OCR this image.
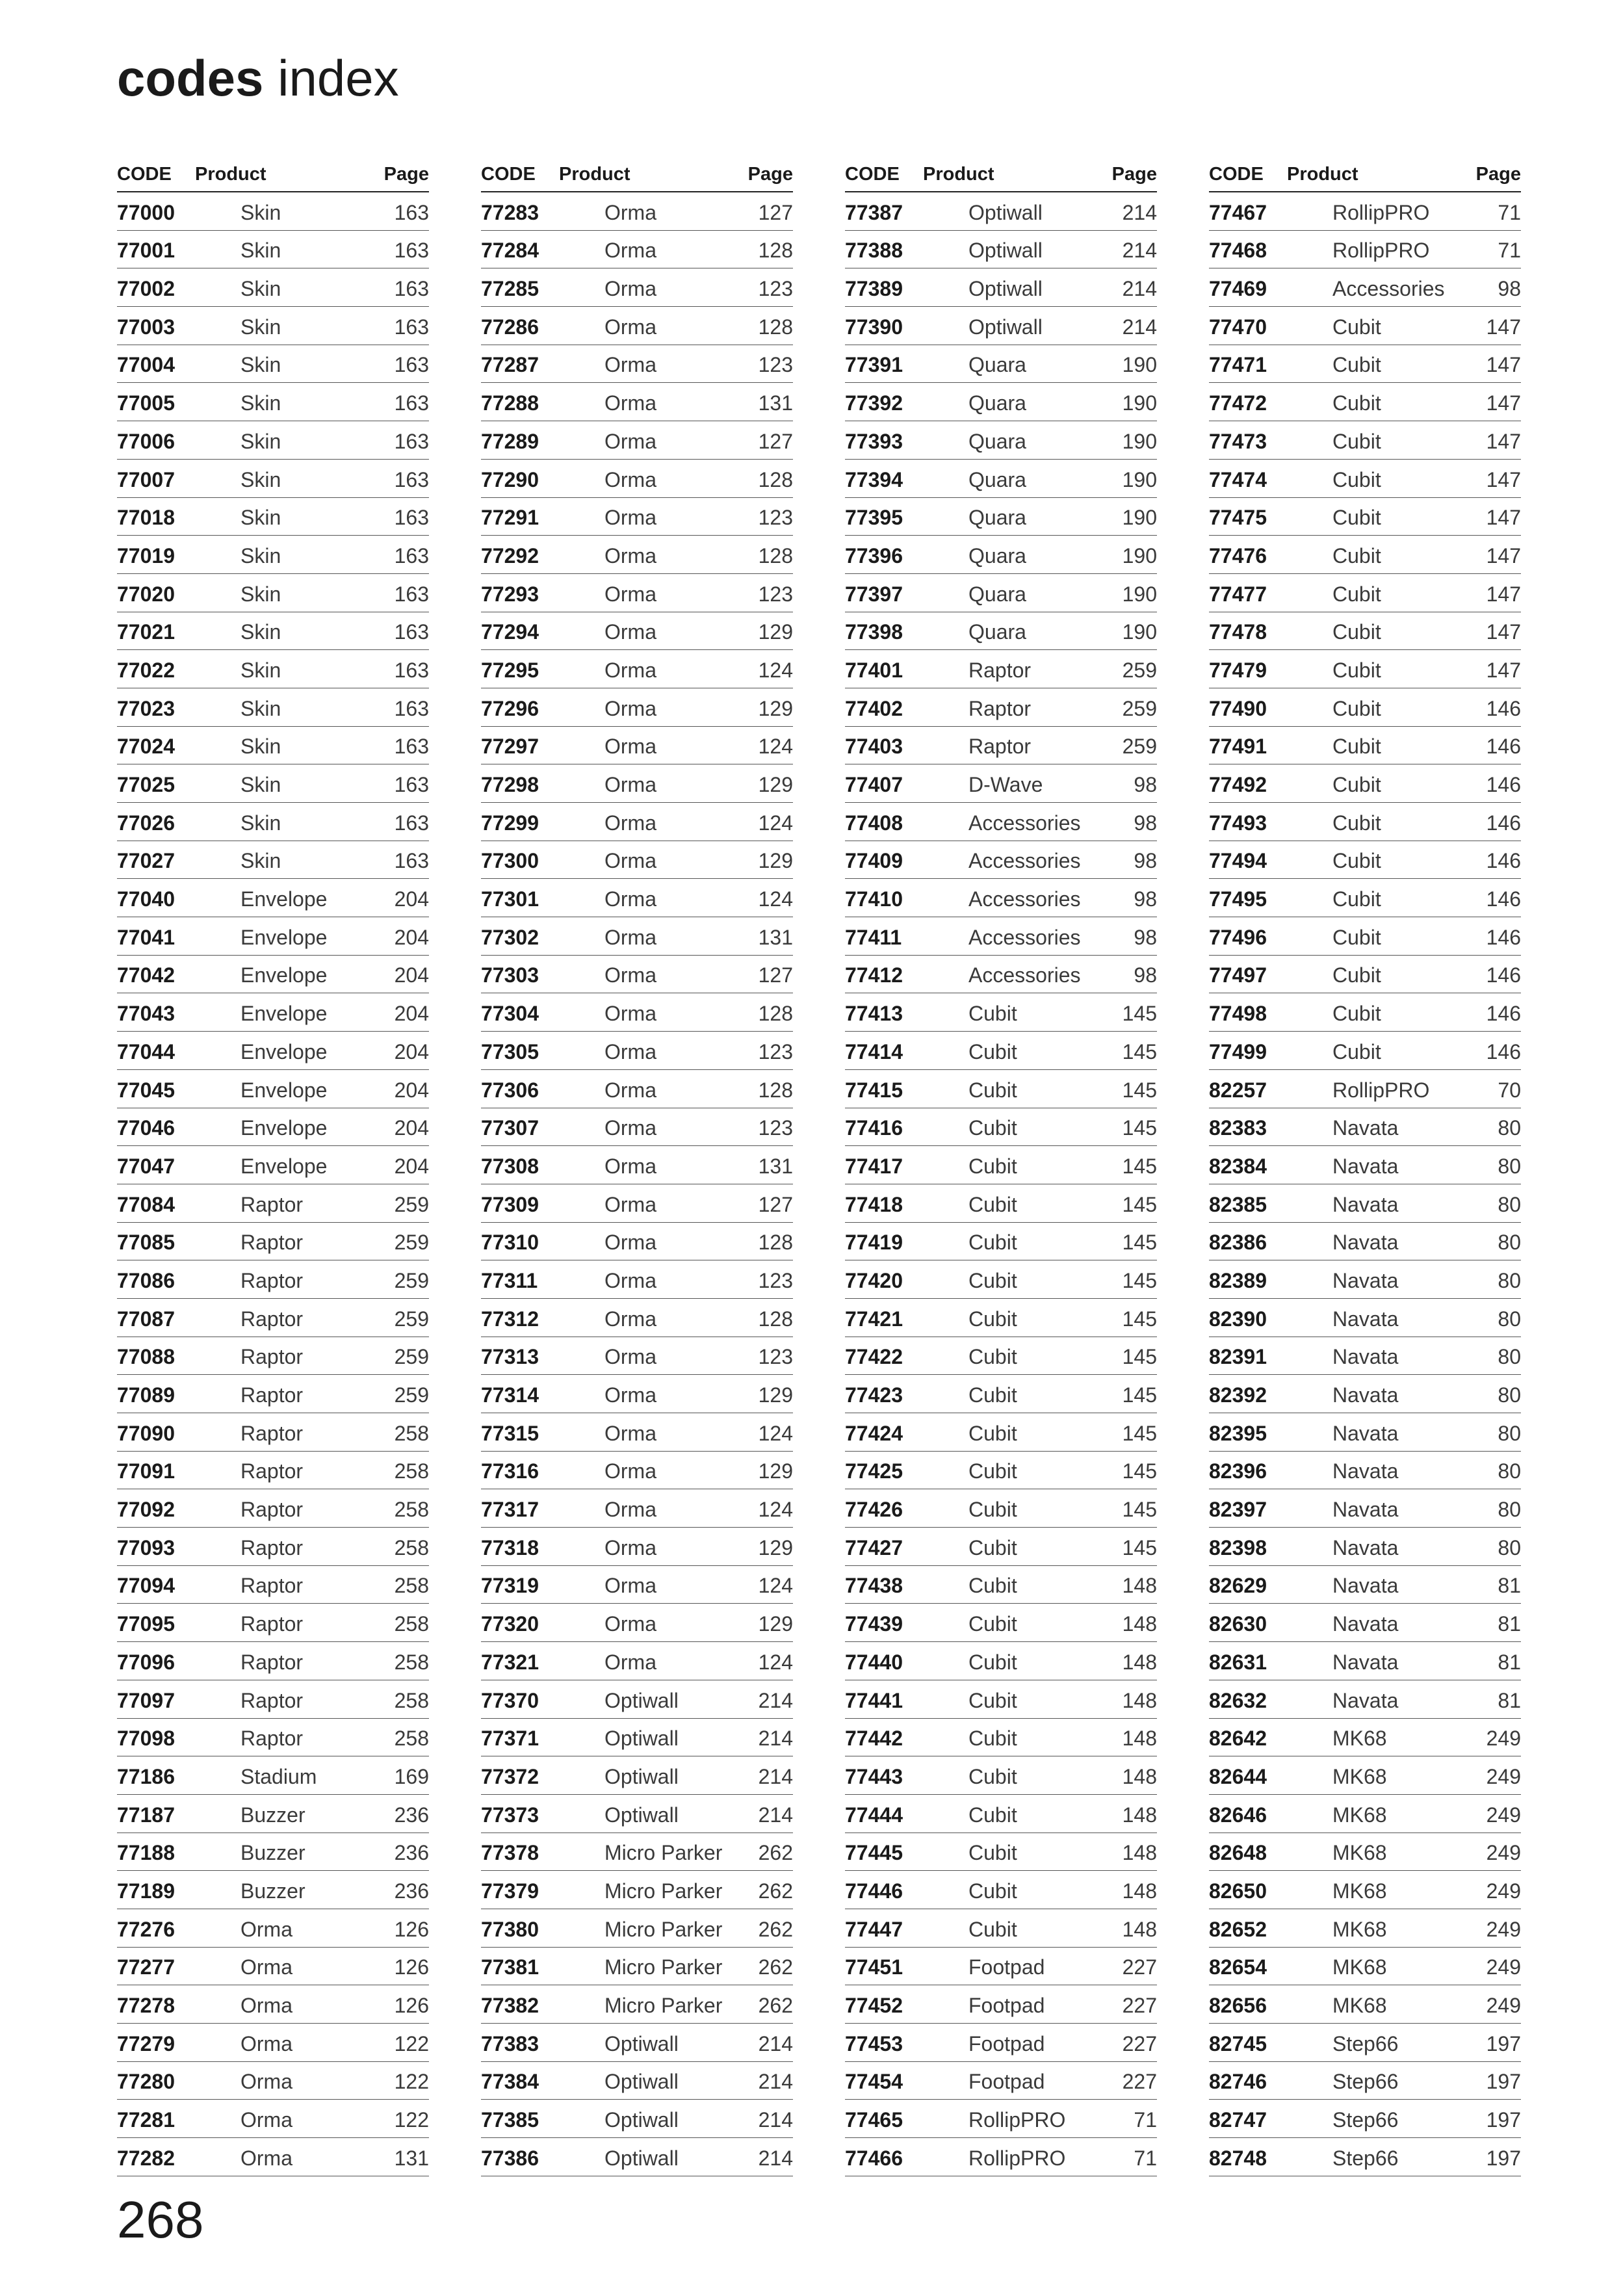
codes index
CODE Product	Page
77000	Skin	163
77001	Skin	163
77002	Skin	163
77003	Skin	163
77004	Skin	163
77005	Skin	163
77006	Skin	163
77007	Skin	163
77018	Skin	163
77019	Skin	163
77020	Skin	163
77021	Skin	163
77022	Skin	163
77023	Skin	163
77024	Skin	163
77025	Skin	163
77026	Skin	163
77027	Skin	163
77040	Envelope	204
77041	Envelope	204
77042	Envelope	204
77043	Envelope	204
77044	Envelope	204
77045	Envelope	204
77046	Envelope	204
77047	Envelope	204
77084	Raptor	259
77085	Raptor	259
77086	Raptor	259
77087	Raptor	259
77088	Raptor	259
77089	Raptor	259
77090	Raptor	258
77091	Raptor	258
77092	Raptor	258
77093	Raptor	258
77094	Raptor	258
77095	Raptor	258
77096	Raptor	258
77097	Raptor	258
77098	Raptor	258
77186	Stadium	169
77187	Buzzer	236
77188	Buzzer	236
77189	Buzzer	236
77276	Orma	126
77277	Orma	126
77278	Orma	126
77279	Orma	122
77280	Orma	122
77281	Orma	122
77282	Orma	131
CODE Product	Page
77283	Orma	127
77284	Orma	128
77285	Orma	123
77286	Orma	128
77287	Orma	123
77288	Orma	131
77289	Orma	127
77290	Orma	128
77291	Orma	123
77292	Orma	128
77293	Orma	123
77294	Orma	129
77295	Orma	124
77296	Orma	129
77297	Orma	124
77298	Orma	129
77299	Orma	124
77300	Orma	129
77301	Orma	124
77302	Orma	131
77303	Orma	127
77304	Orma	128
77305	Orma	123
77306	Orma	128
77307	Orma	123
77308	Orma	131
77309	Orma	127
77310	Orma	128
77311	Orma	123
77312	Orma	128
77313	Orma	123
77314	Orma	129
77315	Orma	124
77316	Orma	129
77317	Orma	124
77318	Orma	129
77319	Orma	124
77320	Orma	129
77321	Orma	124
77370	Optiwall	214
77371	Optiwall	214
77372	Optiwall	214
77373	Optiwall	214
77378	Micro Parker 262
77379	Micro Parker 262
77380	Micro Parker 262
77381	Micro Parker 262
77382	Micro Parker 262
77383	Optiwall	214
77384	Optiwall	214
77385	Optiwall	214
77386	Optiwall	214
CODE Product	Page
77387	Optiwall	214
77388	Optiwall	214
77389	Optiwall	214
77390	Optiwall	214
77391	Quara	190
77392	Quara	190
77393	Quara	190
77394	Quara	190
77395	Quara	190
77396	Quara	190
77397	Quara	190
77398	Quara	190
77401	Raptor	259
77402	Raptor	259
77403	Raptor	259
77407	D-Wave	98
77408	Accessories	98
77409	Accessories	98
77410	Accessories	98
77411	Accessories	98
77412	Accessories	98
77413	Cubit	145
77414	Cubit	145
77415	Cubit	145
77416	Cubit	145
77417	Cubit	145
77418	Cubit	145
77419	Cubit	145
77420	Cubit	145
77421	Cubit	145
77422	Cubit	145
77423	Cubit	145
77424	Cubit	145
77425	Cubit	145
77426	Cubit	145
77427	Cubit	145
77438	Cubit	148
77439	Cubit	148
77440	Cubit	148
77441	Cubit	148
77442	Cubit	148
77443	Cubit	148
77444	Cubit	148
77445	Cubit	148
77446	Cubit	148
77447	Cubit	148
77451	Footpad	227
77452	Footpad	227
77453	Footpad	227
77454	Footpad	227
77465	RollipPRO	71
77466	RollipPRO	71
CODE Product	Page
77467	RollipPRO	71
77468	RollipPRO	71
77469	Accessories	98
77470	Cubit	147
77471	Cubit	147
77472	Cubit	147
77473	Cubit	147
77474	Cubit	147
77475	Cubit	147
77476	Cubit	147
77477	Cubit	147
77478	Cubit	147
77479	Cubit	147
77490	Cubit	146
77491	Cubit	146
77492	Cubit	146
77493	Cubit	146
77494	Cubit	146
77495	Cubit	146
77496	Cubit	146
77497	Cubit	146
77498	Cubit	146
77499	Cubit	146
82257	RollipPRO	70
82383	Navata	80
82384	Navata	80
82385	Navata	80
82386	Navata	80
82389	Navata	80
82390	Navata	80
82391	Navata	80
82392	Navata	80
82395	Navata	80
82396	Navata	80
82397	Navata	80
82398	Navata	80
82629	Navata	81
82630	Navata	81
82631	Navata	81
82632	Navata	81
82642	MK68	249
82644	MK68	249
82646	MK68	249
82648	MK68	249
82650	MK68	249
82652	MK68	249
82654	MK68	249
82656	MK68	249
82745	Step66	197
82746	Step66	197
82747	Step66	197
82748	Step66	197
268
